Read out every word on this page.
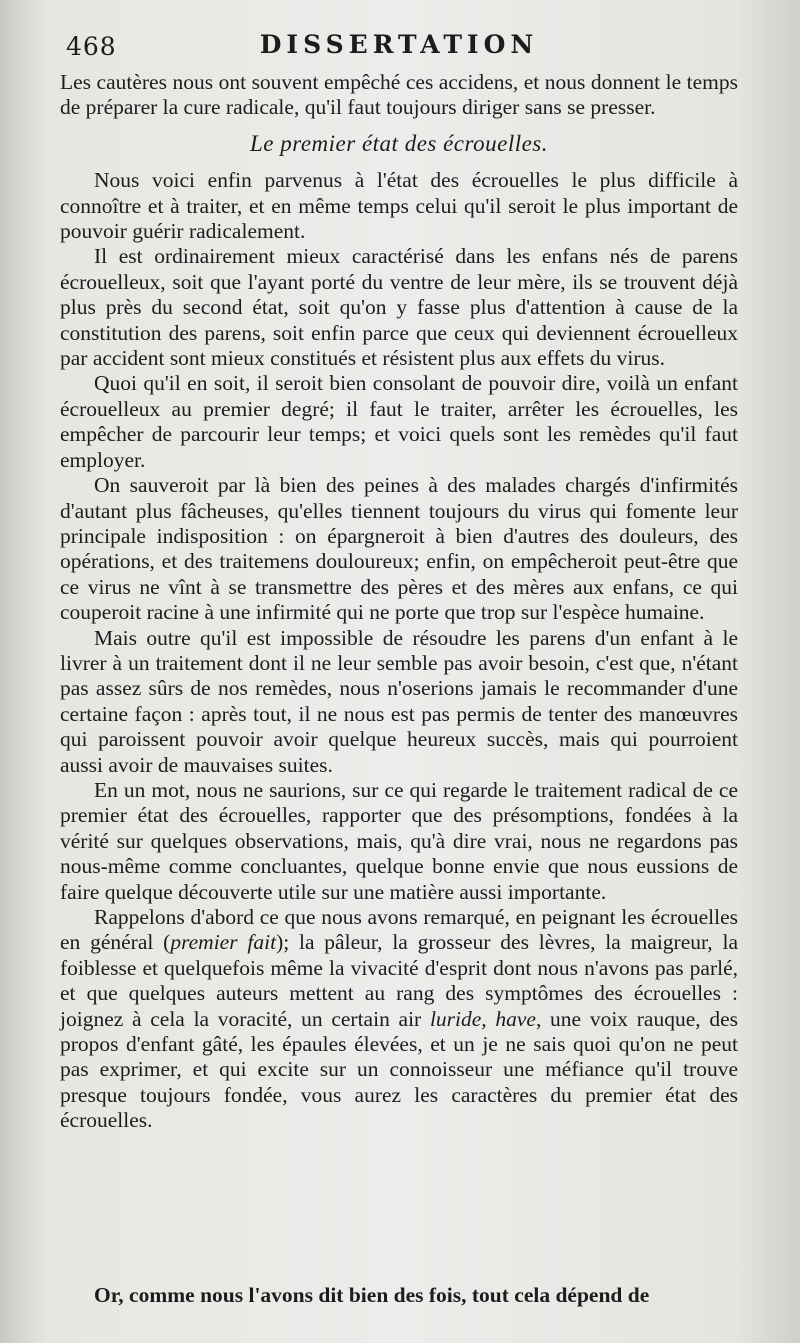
468	DISSERTATION

Les cautères nous ont souvent empêché ces accidens, et nous donnent le temps de préparer la cure radicale, qu'il faut toujours diriger sans se presser.

Le premier état des écrouelles.

Nous voici enfin parvenus à l'état des écrouelles le plus difficile à connoître et à traiter, et en même temps celui qu'il seroit le plus important de pouvoir guérir radicalement.

Il est ordinairement mieux caractérisé dans les enfans nés de parens écrouelleux, soit que l'ayant porté du ventre de leur mère, ils se trouvent déjà plus près du second état, soit qu'on y fasse plus d'attention à cause de la constitution des parens, soit enfin parce que ceux qui deviennent écrouelleux par accident sont mieux constitués et résistent plus aux effets du virus.

Quoi qu'il en soit, il seroit bien consolant de pouvoir dire, voilà un enfant écrouelleux au premier degré; il faut le traiter, arrêter les écrouelles, les empêcher de parcourir leur temps; et voici quels sont les remèdes qu'il faut employer.

On sauveroit par là bien des peines à des malades chargés d'infirmités d'autant plus fâcheuses, qu'elles tiennent toujours du virus qui fomente leur principale indisposition : on épargneroit à bien d'autres des douleurs, des opérations, et des traitemens douloureux; enfin, on empêcheroit peut-être que ce virus ne vînt à se transmettre des pères et des mères aux enfans, ce qui couperoit racine à une infirmité qui ne porte que trop sur l'espèce humaine.

Mais outre qu'il est impossible de résoudre les parens d'un enfant à le livrer à un traitement dont il ne leur semble pas avoir besoin, c'est que, n'étant pas assez sûrs de nos remèdes, nous n'oserions jamais le recommander d'une certaine façon : après tout, il ne nous est pas permis de tenter des manœuvres qui paroissent pouvoir avoir quelque heureux succès, mais qui pourroient aussi avoir de mauvaises suites.

En un mot, nous ne saurions, sur ce qui regarde le traitement radical de ce premier état des écrouelles, rapporter que des présomptions, fondées à la vérité sur quelques observations, mais, qu'à dire vrai, nous ne regardons pas nous-même comme concluantes, quelque bonne envie que nous eussions de faire quelque découverte utile sur une matière aussi importante.

Rappelons d'abord ce que nous avons remarqué, en peignant les écrouelles en général (premier fait); la pâleur, la grosseur des lèvres, la maigreur, la foiblesse et quelquefois même la vivacité d'esprit dont nous n'avons pas parlé, et que quelques auteurs mettent au rang des symptômes des écrouelles : joignez à cela la voracité, un certain air luride, have, une voix rauque, des propos d'enfant gâté, les épaules élevées, et un je ne sais quoi qu'on ne peut pas exprimer, et qui excite sur un connoisseur une méfiance qu'il trouve presque toujours fondée, vous aurez les caractères du premier état des écrouelles.

Or, comme nous l'avons dit bien des fois, tout cela dépend de
